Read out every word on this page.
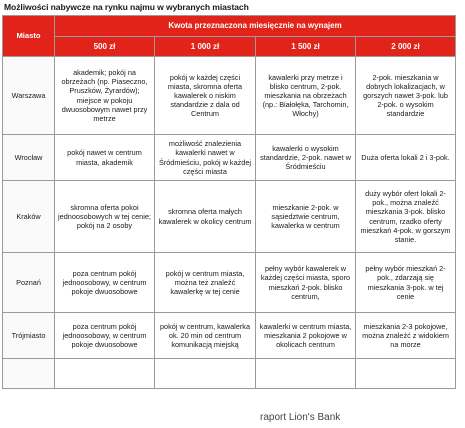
Możliwości nabywcze na rynku najmu w wybranych miastach
Miasto	Kwota przeznaczona miesięcznie na wynajem			
	500 zł	1 000 zł	1 500 zł	2 000 zł
Warszawa	akademik; pokój na obrzeżach (np. Piaseczno, Pruszków, Żyrardów); miejsce w pokoju dwuosobowym nawet przy metrze	pokój w każdej części miasta, skromna oferta kawalerek o niskim standardzie z dala od Centrum	kawalerki przy metrze i blisko centrum, 2-pok. mieszkania na obrzeżach (np.: Białołęka, Tarchomin, Włochy)	2-pok. mieszkania w dobrych lokalizacjach, w gorszych nawet 3-pok. lub 2-pok. o wysokim standardzie
Wrocław	pokój nawet w centrum miasta, akademik	możliwość znalezienia kawalerki nawet w Śródmieściu, pokój w każdej części miasta	kawalerki o wysokim standardzie, 2-pok. nawet w Śródmieściu	Duża oferta lokali 2 i 3-pok.
Kraków	skromna oferta pokoi jednoosobowych w tej cenie; pokój na 2 osoby	skromna oferta małych kawalerek w okolicy centrum	mieszkanie 2-pok. w sąsiedztwie centrum, kawalerka w centrum	duży wybór ofert lokali 2-pok., można znaleźć mieszkania 3-pok. blisko centrum, rzadko oferty mieszkań 4-pok. w gorszym stanie.
Poznań	poza centrum pokój jednoosobowy, w centrum pokoje dwuosobowe	pokój w centrum miasta, można też znaleźć kawalerkę w tej cenie	pełny wybór kawalerek w każdej części miasta, sporo mieszkań 2-pok. blisko centrum,	pełny wybór mieszkań 2-pok., zdarzają się mieszkania 3-pok. w tej cenie
Trójmiasto	poza centrum pokój jednoosobowy, w centrum pokoje dwuosobowe	pokój w centrum, kawalerka ok. 20 min od centrum komunikacją miejską	kawalerki w centrum miasta, mieszkania 2 pokojowe w okolicach centrum	mieszkania 2-3 pokojowe, można znaleźć z widokiem na morze

raport Lion's Bank
